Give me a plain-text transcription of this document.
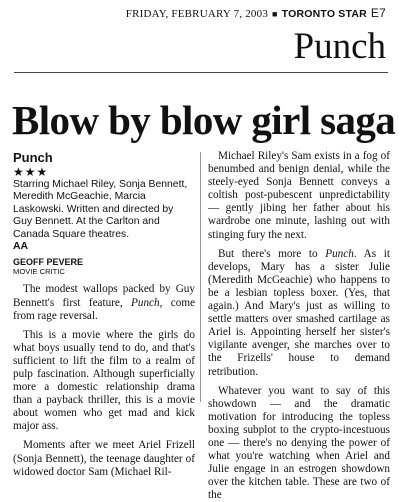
FRIDAY, FEBRUARY 7, 2003 ■ TORONTO STAR E7
Punch
Blow by blow girl saga
Punch
★★★
Starring Michael Riley, Sonja Bennett, Meredith McGeachie, Marcia Laskowski. Written and directed by Guy Bennett. At the Carlton and Canada Square theatres.
AA
GEOFF PEVERE
MOVIE CRITIC

The modest wallops packed by Guy Bennett's first feature, Punch, come from rage reversal.

This is a movie where the girls do what boys usually tend to do, and that's sufficient to lift the film to a realm of pulp fascination. Although superficially more a domestic relationship drama than a payback thriller, this is a movie about women who get mad and kick major ass.

Moments after we meet Ariel Frizell (Sonja Bennett), the teenage daughter of widowed doctor Sam (Michael Ril-

Michael Riley's Sam exists in a fog of benumbed and benign denial, while the steely-eyed Sonja Bennett conveys a coltish post-pubescent unpredictability — gently jibing her father about his wardrobe one minute, lashing out with stinging fury the next.

But there's more to Punch. As it develops, Mary has a sister Julie (Meredith McGeachie) who happens to be a lesbian topless boxer. (Yes, that again.) And Mary's just as willing to settle matters over smashed cartilage as Ariel is. Appointing herself her sister's vigilante avenger, she marches over to the Frizells' house to demand retribution.

Whatever you want to say of this showdown — and the dramatic motivation for introducing the topless boxing subplot to the crypto-incestuous one — there's no denying the power of what you're watching when Ariel and Julie engage in an estrogen showdown over the kitchen table. These are two of the
